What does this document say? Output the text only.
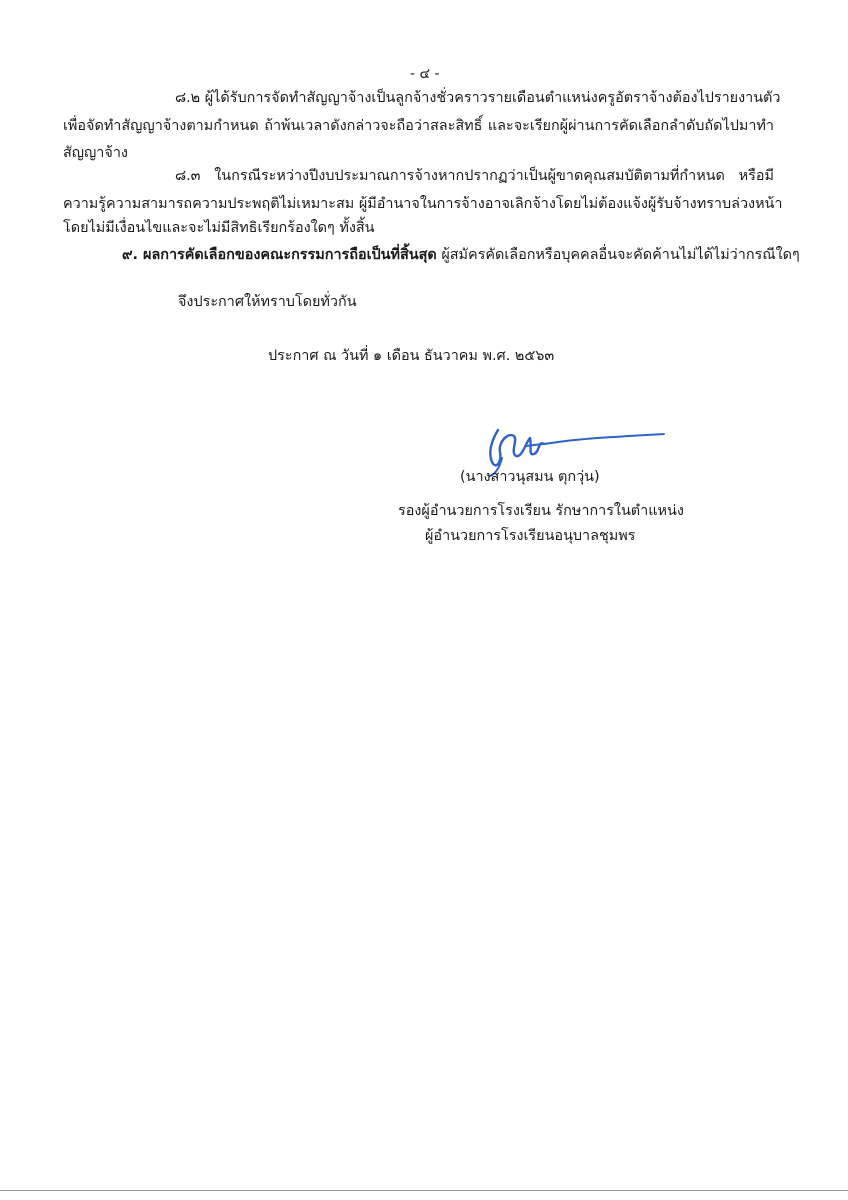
- ๔ -
๘.๒ ผู้ได้รับการจัดทำสัญญาจ้างเป็นลูกจ้างชั่วคราวรายเดือนตำแหน่งครูอัตราจ้างต้องไปรายงานตัว
เพื่อจัดทำสัญญาจ้างตามกำหนด ถ้าพ้นเวลาดังกล่าวจะถือว่าสละสิทธิ์ และจะเรียกผู้ผ่านการคัดเลือกลำดับถัดไปมาทำ
สัญญาจ้าง
๘.๓ ในกรณีระหว่างปีงบประมาณการจ้างหากปรากฏว่าเป็นผู้ขาดคุณสมบัติตามที่กำหนด หรือมี
ความรู้ความสามารถความประพฤติไม่เหมาะสม ผู้มีอำนาจในการจ้างอาจเลิกจ้างโดยไม่ต้องแจ้งผู้รับจ้างทราบล่วงหน้า
โดยไม่มีเงื่อนไขและจะไม่มีสิทธิเรียกร้องใดๆ ทั้งสิ้น
๙. ผลการคัดเลือกของคณะกรรมการถือเป็นที่สิ้นสุด ผู้สมัครคัดเลือกหรือบุคคลอื่นจะคัดค้านไม่ได้ไม่ว่ากรณีใดๆ
จึงประกาศให้ทราบโดยทั่วกัน
ประกาศ ณ วันที่ ๑ เดือน ธันวาคม พ.ศ. ๒๕๖๓
(นางสาวนุสมน ตุกวุ่น)
รองผู้อำนวยการโรงเรียน รักษาการในตำแหน่ง
ผู้อำนวยการโรงเรียนอนุบาลชุมพร
